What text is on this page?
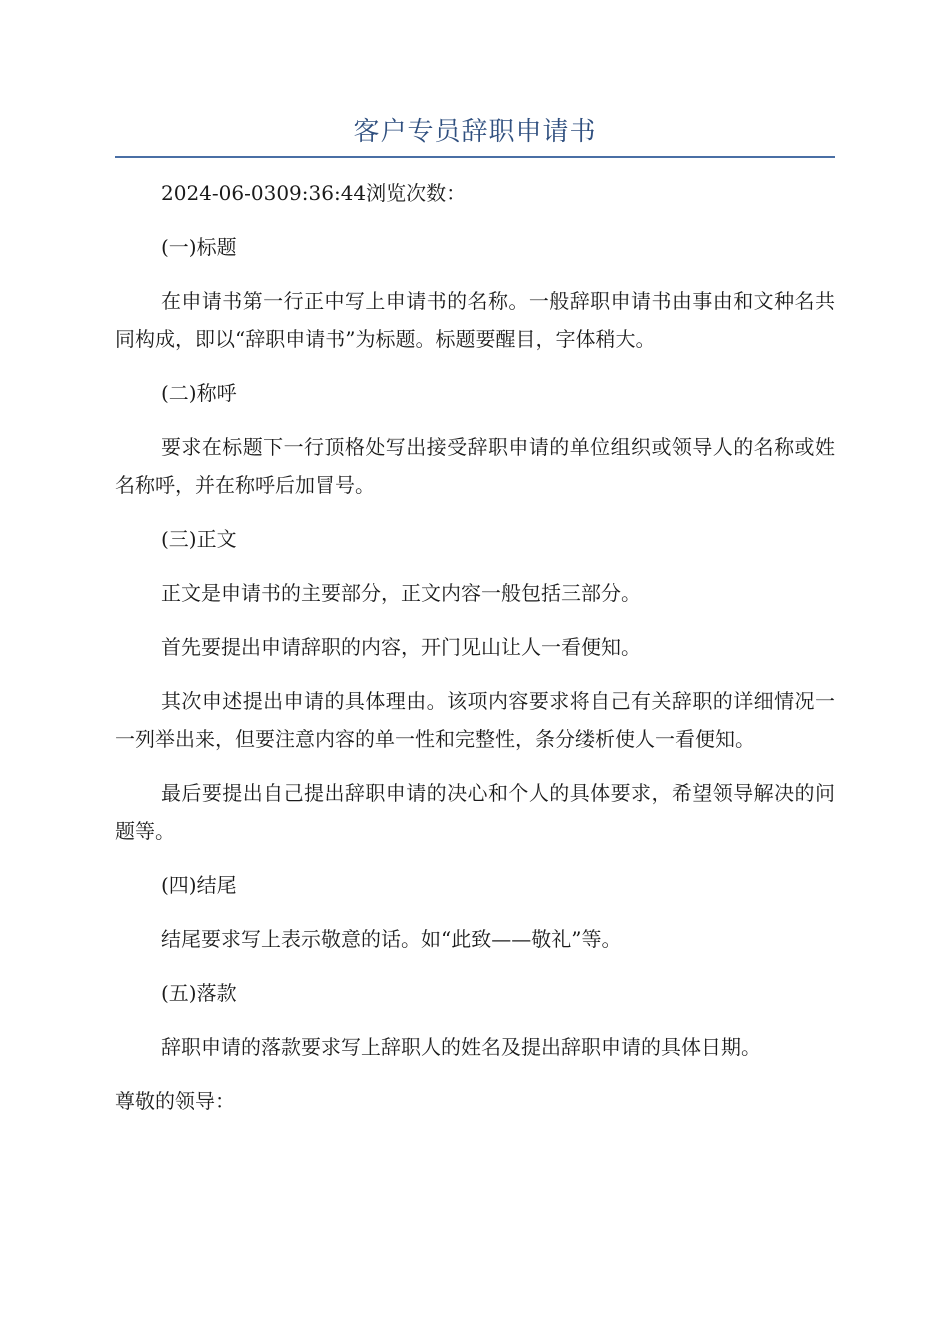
客户专员辞职申请书

2024-06-0309:36:44浏览次数：

(一)标题

在申请书第一行正中写上申请书的名称。一般辞职申请书由事由和文种名共同构成，即以“辞职申请书”为标题。标题要醒目，字体稍大。

(二)称呼

要求在标题下一行顶格处写出接受辞职申请的单位组织或领导人的名称或姓名称呼，并在称呼后加冒号。

(三)正文

正文是申请书的主要部分，正文内容一般包括三部分。

首先要提出申请辞职的内容，开门见山让人一看便知。

其次申述提出申请的具体理由。该项内容要求将自己有关辞职的详细情况一一列举出来，但要注意内容的单一性和完整性，条分缕析使人一看便知。

最后要提出自己提出辞职申请的决心和个人的具体要求，希望领导解决的问题等。

(四)结尾

结尾要求写上表示敬意的话。如“此致——敬礼”等。

(五)落款

辞职申请的落款要求写上辞职人的姓名及提出辞职申请的具体日期。

尊敬的领导：
